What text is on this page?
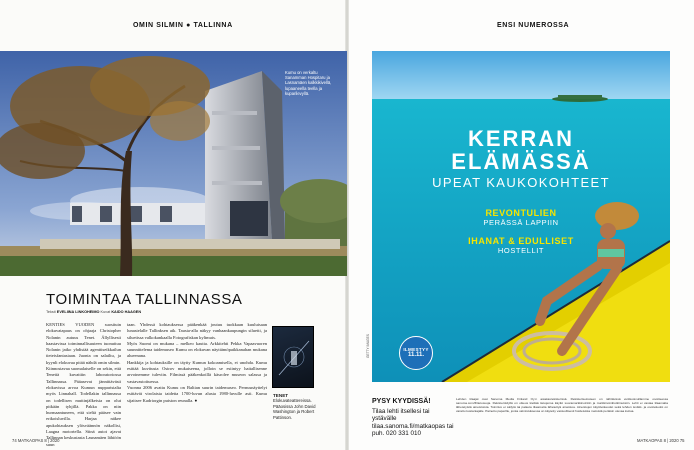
OMIN SILMIN ● TALLINNA
Kumu on verkaltu Sanamman Hospitaru ja Lasnamäen kalkkikivellä, lupaaneella teella ja kuparilevyllä.
TOIMINTAA TALLINNASSA
Teksti EVELIINA LINKOHEIMO Kuvat KAIDO HAAGEN

KENTIES VUODEN suosituin elokuvatapaus on ohjaaja Christopher Nolanin autuus Tenet. Ällyllisesti haastavissa toiminnallisuuteen tuonuttuu Nolanin jatko yhdistää agenttiseikkailun tieteisfantasiaan. Juonta on salailtu, ja kyynli elokuvaa pitää nähdä omin silmin.
Kiinnostavaa suomalaiselle on sekin, että Tenetiä kuvattiin laboratoriossa Tallinnassa. Pääasevat jännittävästi elokuvissa arvoa Kumun nupparistalta myös Linnahall. Todellakin tallinnassa on todellisen muttinjälkeisia on olut pitkään tyhjillä. Pakka on niin hurmaantuneen, että sieltä pääsee vain erikoisluvilla. Harjaa näkee apukohtauksen ylösväännön näkollisi, Laagna motortella. Siinä autot ajavat Tallinnan keskustasta Lasnamäen lähiöön suun

taan. Yhdessä kohtauksessa pääkenkää joutuu tuokkaan kuuluisaan lunastelalle Tallinksen aik. Tausta-alla näkyy vanhaankaupungin siluetti, ja siluetissa valkokankaalla Fotografiskan kyltmuis.
Myös Suomi on mukana – melkeo kautta. Arkkitehti Pekka Vapaavuoren suunnittelema taidemuseo Kumu on elokuvan näyttämöpaikkanahan mukana alueenana.
Hankkija ja kohtauksille on täytty Kumun kokoamisella, ei unohda. Kumu esittää kuvitusta Ostrov mukaiseena, jolloin se esiintyy haitallisenne arvoinemme tuleviin. Filmissä pääkenkoillä käsrolee museon salassa ja vastavastoituessa.
Vuonna 2006 avattu Kumu on Baltian suurin taidemuseo. Pernusnäyttelyt esittävät virolaista taidetta 1700-luvun alusta 1980-luvulle asti. Kumu sijaitsee Kadriorgin puiston reunalla. ●

TENET
Elokuvateattereissa. Pääosissa John David Washington ja Robert Pattinson.
74 MATKAOPAS 8 | 2020
ENSI NUMEROSSA
KERRAN
ELÄMÄSSÄ
UPEAT KAUKOKOHTEET
REVONTULIEN
PERÄSSÄ LAPPIIN
IHANAT & EDULLISET
HOSTELLIT
ILMESTYY
11.11.
GETTY IMAGES
PYSY KYYDISSÄ!
Tilaa lehti itsellesi tai ystävälle tilaa.sanoma.fi/matkaopas tai puh. 020 331 010
Lehden tilaajat ovat Sanoma Media Finland Oy:n asiakasrekisterissä. Rekisteriselosteen on nähtävissä verkkosivuillamme osoitteessa sanoma.com/fi/tietosuoja. Rekisteröidyllä on oikeus kieltää tietojensa käyttö suoramarkkinointiin ja markkinointitutkimuksiin. Lehti ei vastaa tilaamatta lähetetyistä aineistoista. Toimitus ei säilytä tai palauta tilaamatta lähetettyä aineistoa. Aineistojen käyttöoikeudet sekä lehden levikki- ja osoitetiedot on varattu kustantajalle. Painettu paperille, jonka valmistuksessa on käytetty vastuullisesti hoidetuista metsistä peräisin olevaa kuitua.
MATKAOPAS 8 | 2020 75
